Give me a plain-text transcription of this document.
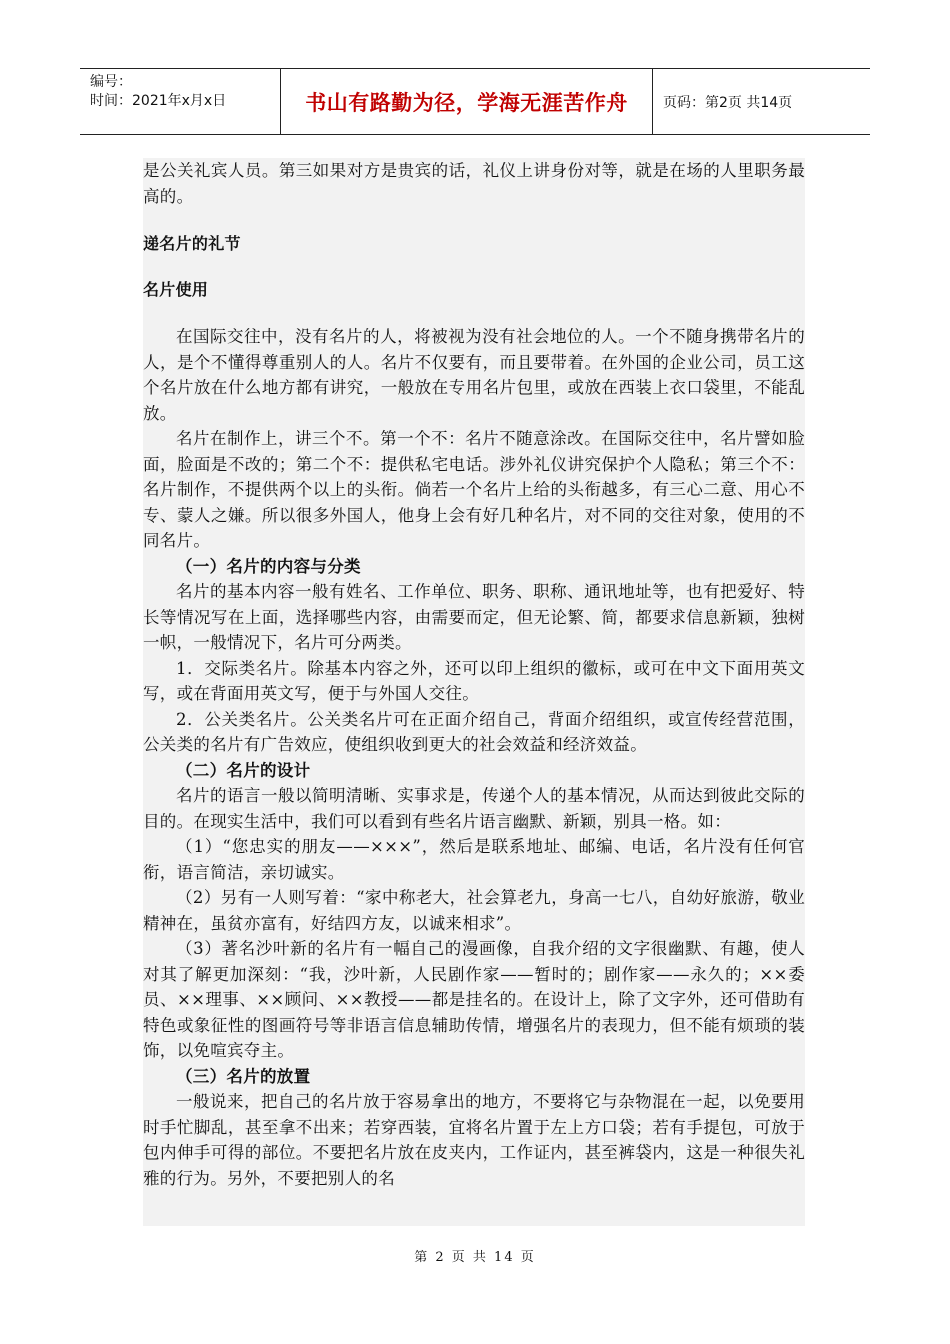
编号：
时间：2021年x月x日	书山有路勤为径，学海无涯苦作舟	页码：第2页 共14页

是公关礼宾人员。第三如果对方是贵宾的话，礼仪上讲身份对等，就是在场的人里职务最高的。

递名片的礼节

名片使用

在国际交往中，没有名片的人，将被视为没有社会地位的人。一个不随身携带名片的人，是个不懂得尊重别人的人。名片不仅要有，而且要带着。在外国的企业公司，员工这个名片放在什么地方都有讲究，一般放在专用名片包里，或放在西装上衣口袋里，不能乱放。

名片在制作上，讲三个不。第一个不：名片不随意涂改。在国际交往中，名片譬如脸面，脸面是不改的；第二个不：提供私宅电话。涉外礼仪讲究保护个人隐私；第三个不：名片制作，不提供两个以上的头衔。倘若一个名片上给的头衔越多，有三心二意、用心不专、蒙人之嫌。所以很多外国人，他身上会有好几种名片，对不同的交往对象，使用的不同名片。

（一）名片的内容与分类

名片的基本内容一般有姓名、工作单位、职务、职称、通讯地址等，也有把爱好、特长等情况写在上面，选择哪些内容，由需要而定，但无论繁、简，都要求信息新颖，独树一帜，一般情况下，名片可分两类。

1．交际类名片。除基本内容之外，还可以印上组织的徽标，或可在中文下面用英文写，或在背面用英文写，便于与外国人交往。

2．公关类名片。公关类名片可在正面介绍自己，背面介绍组织，或宣传经营范围，公关类的名片有广告效应，使组织收到更大的社会效益和经济效益。

（二）名片的设计

名片的语言一般以简明清晰、实事求是，传递个人的基本情况，从而达到彼此交际的目的。在现实生活中，我们可以看到有些名片语言幽默、新颖，别具一格。如：

（1）“您忠实的朋友——×××”，然后是联系地址、邮编、电话，名片没有任何官衔，语言简洁，亲切诚实。

（2）另有一人则写着：“家中称老大，社会算老九，身高一七八，自幼好旅游，敬业精神在，虽贫亦富有，好结四方友，以诚来相求”。

（3）著名沙叶新的名片有一幅自己的漫画像，自我介绍的文字很幽默、有趣，使人对其了解更加深刻：“我，沙叶新，人民剧作家——暂时的；剧作家——永久的；××委员、××理事、××顾问、××教授——都是挂名的。在设计上，除了文字外，还可借助有特色或象征性的图画符号等非语言信息辅助传情，增强名片的表现力，但不能有烦琐的装饰，以免喧宾夺主。

（三）名片的放置

一般说来，把自己的名片放于容易拿出的地方，不要将它与杂物混在一起，以免要用时手忙脚乱，甚至拿不出来；若穿西装，宜将名片置于左上方口袋；若有手提包，可放于包内伸手可得的部位。不要把名片放在皮夹内，工作证内，甚至裤袋内，这是一种很失礼雅的行为。另外，不要把别人的名

第 2 页 共 14 页
